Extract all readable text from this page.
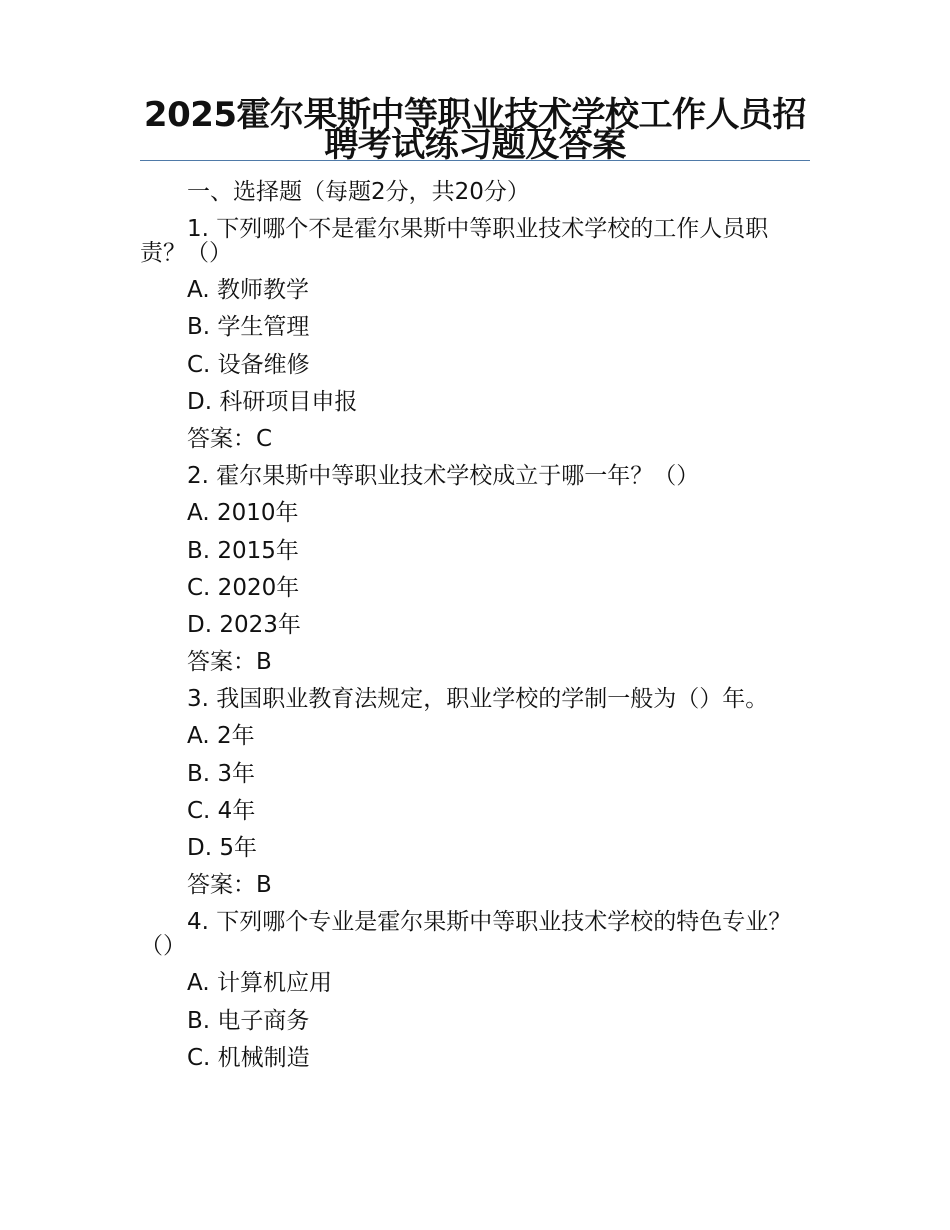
2025霍尔果斯中等职业技术学校工作人员招聘考试练习题及答案

一、选择题（每题2分，共20分）

1. 下列哪个不是霍尔果斯中等职业技术学校的工作人员职责？（）

A. 教师教学

B. 学生管理

C. 设备维修

D. 科研项目申报

答案：C

2. 霍尔果斯中等职业技术学校成立于哪一年？（）

A. 2010年

B. 2015年

C. 2020年

D. 2023年

答案：B

3. 我国职业教育法规定，职业学校的学制一般为（）年。

A. 2年

B. 3年

C. 4年

D. 5年

答案：B

4. 下列哪个专业是霍尔果斯中等职业技术学校的特色专业？（）

A. 计算机应用

B. 电子商务

C. 机械制造
